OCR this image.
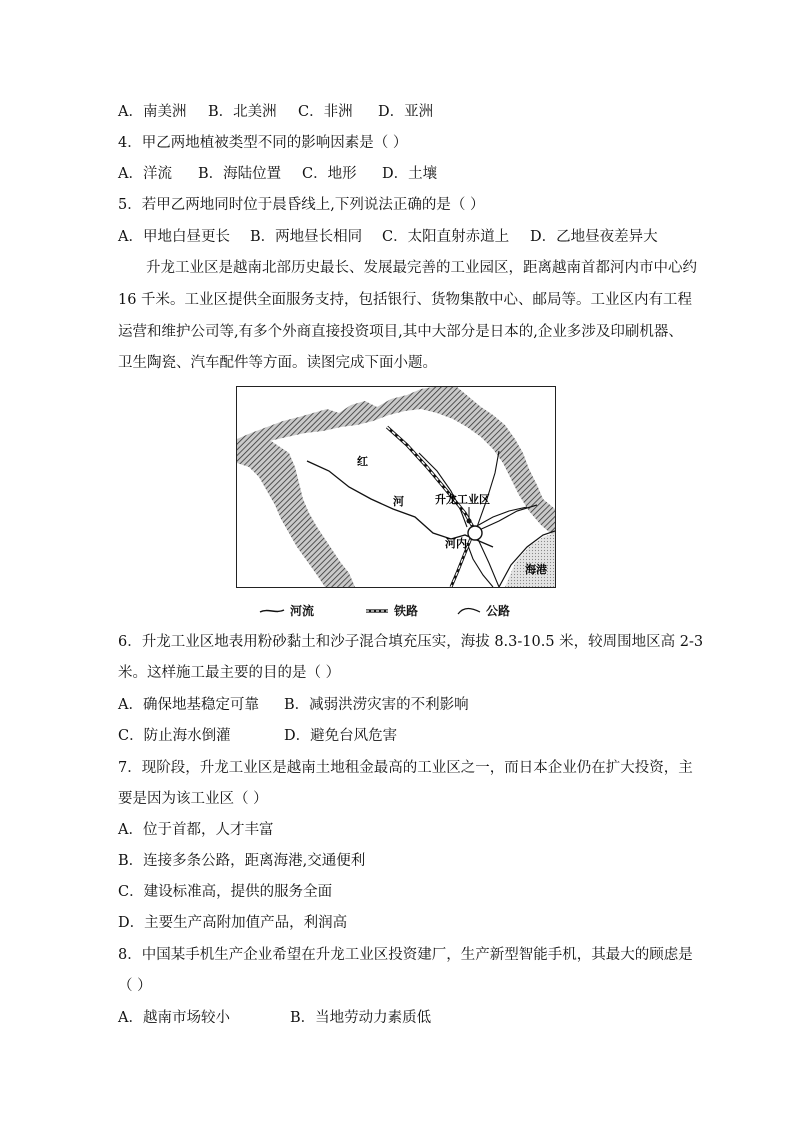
A．南美洲 B．北美洲 C．非洲 D．亚洲
4．甲乙两地植被类型不同的影响因素是（ ）
A．洋流 B．海陆位置 C．地形 D．土壤
5．若甲乙两地同时位于晨昏线上,下列说法正确的是（ ）
A．甲地白昼更长 B．两地昼长相同 C．太阳直射赤道上 D．乙地昼夜差异大
升龙工业区是越南北部历史最长、发展最完善的工业园区，距离越南首都河内市中心约
16 千米。工业区提供全面服务支持，包括银行、货物集散中心、邮局等。工业区内有工程
运营和维护公司等,有多个外商直接投资项目,其中大部分是日本的,企业多涉及印刷机器、
卫生陶瓷、汽车配件等方面。读图完成下面小题。
红
河	升龙工业区
河内
海港
河流	铁路	公路
6．升龙工业区地表用粉砂黏土和沙子混合填充压实，海拔 8.3-10.5 米，较周围地区高 2-3
米。这样施工最主要的目的是（ ）
A．确保地基稳定可靠 B．减弱洪涝灾害的不利影响
C．防止海水倒灌	D．避免台风危害
7．现阶段，升龙工业区是越南土地租金最高的工业区之一，而日本企业仍在扩大投资，主
要是因为该工业区（ ）
A．位于首都，人才丰富
B．连接多条公路，距离海港,交通便利
C．建设标准高，提供的服务全面
D．主要生产高附加值产品，利润高
8．中国某手机生产企业希望在升龙工业区投资建厂，生产新型智能手机，其最大的顾虑是
（ ）
A．越南市场较小	B．当地劳动力素质低
